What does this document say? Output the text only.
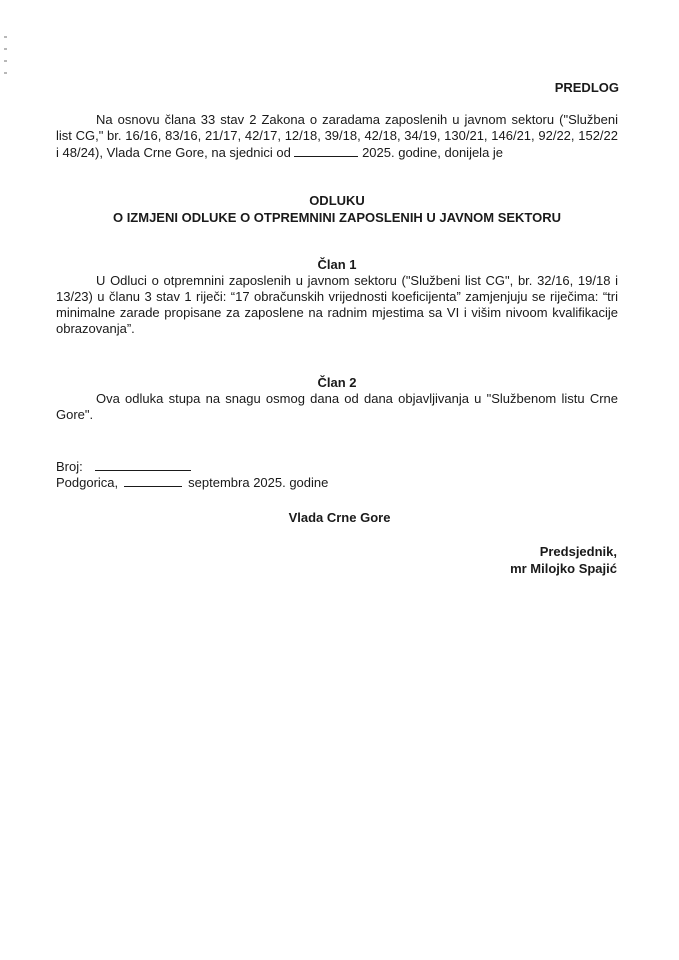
PREDLOG

Na osnovu člana 33 stav 2 Zakona o zaradama zaposlenih u javnom sektoru ("Službeni list CG," br. 16/16, 83/16, 21/17, 42/17, 12/18, 39/18, 42/18, 34/19, 130/21, 146/21, 92/22, 152/22 i 48/24), Vlada Crne Gore, na sjednici od	2025. godine, donijela je

ODLUKU
O IZMJENI ODLUKE O OTPREMNINI ZAPOSLENIH U JAVNOM SEKTORU
Član 1

U Odluci o otpremnini zaposlenih u javnom sektoru ("Službeni list CG", br. 32/16, 19/18 i 13/23) u članu 3 stav 1 riječi: “17 obračunskih vrijednosti koeficijenta” zamjenjuju se riječima: “tri minimalne zarade propisane za zaposlene na radnim mjestima sa VI i višim nivoom kvalifikacije obrazovanja”.

Član 2

Ova odluka stupa na snagu osmog dana od dana objavljivanja u "Službenom listu Crne Gore".

Broj:
Podgorica,	septembra 2025. godine
Vlada Crne Gore
Predsjednik,
mr Milojko Spajić
